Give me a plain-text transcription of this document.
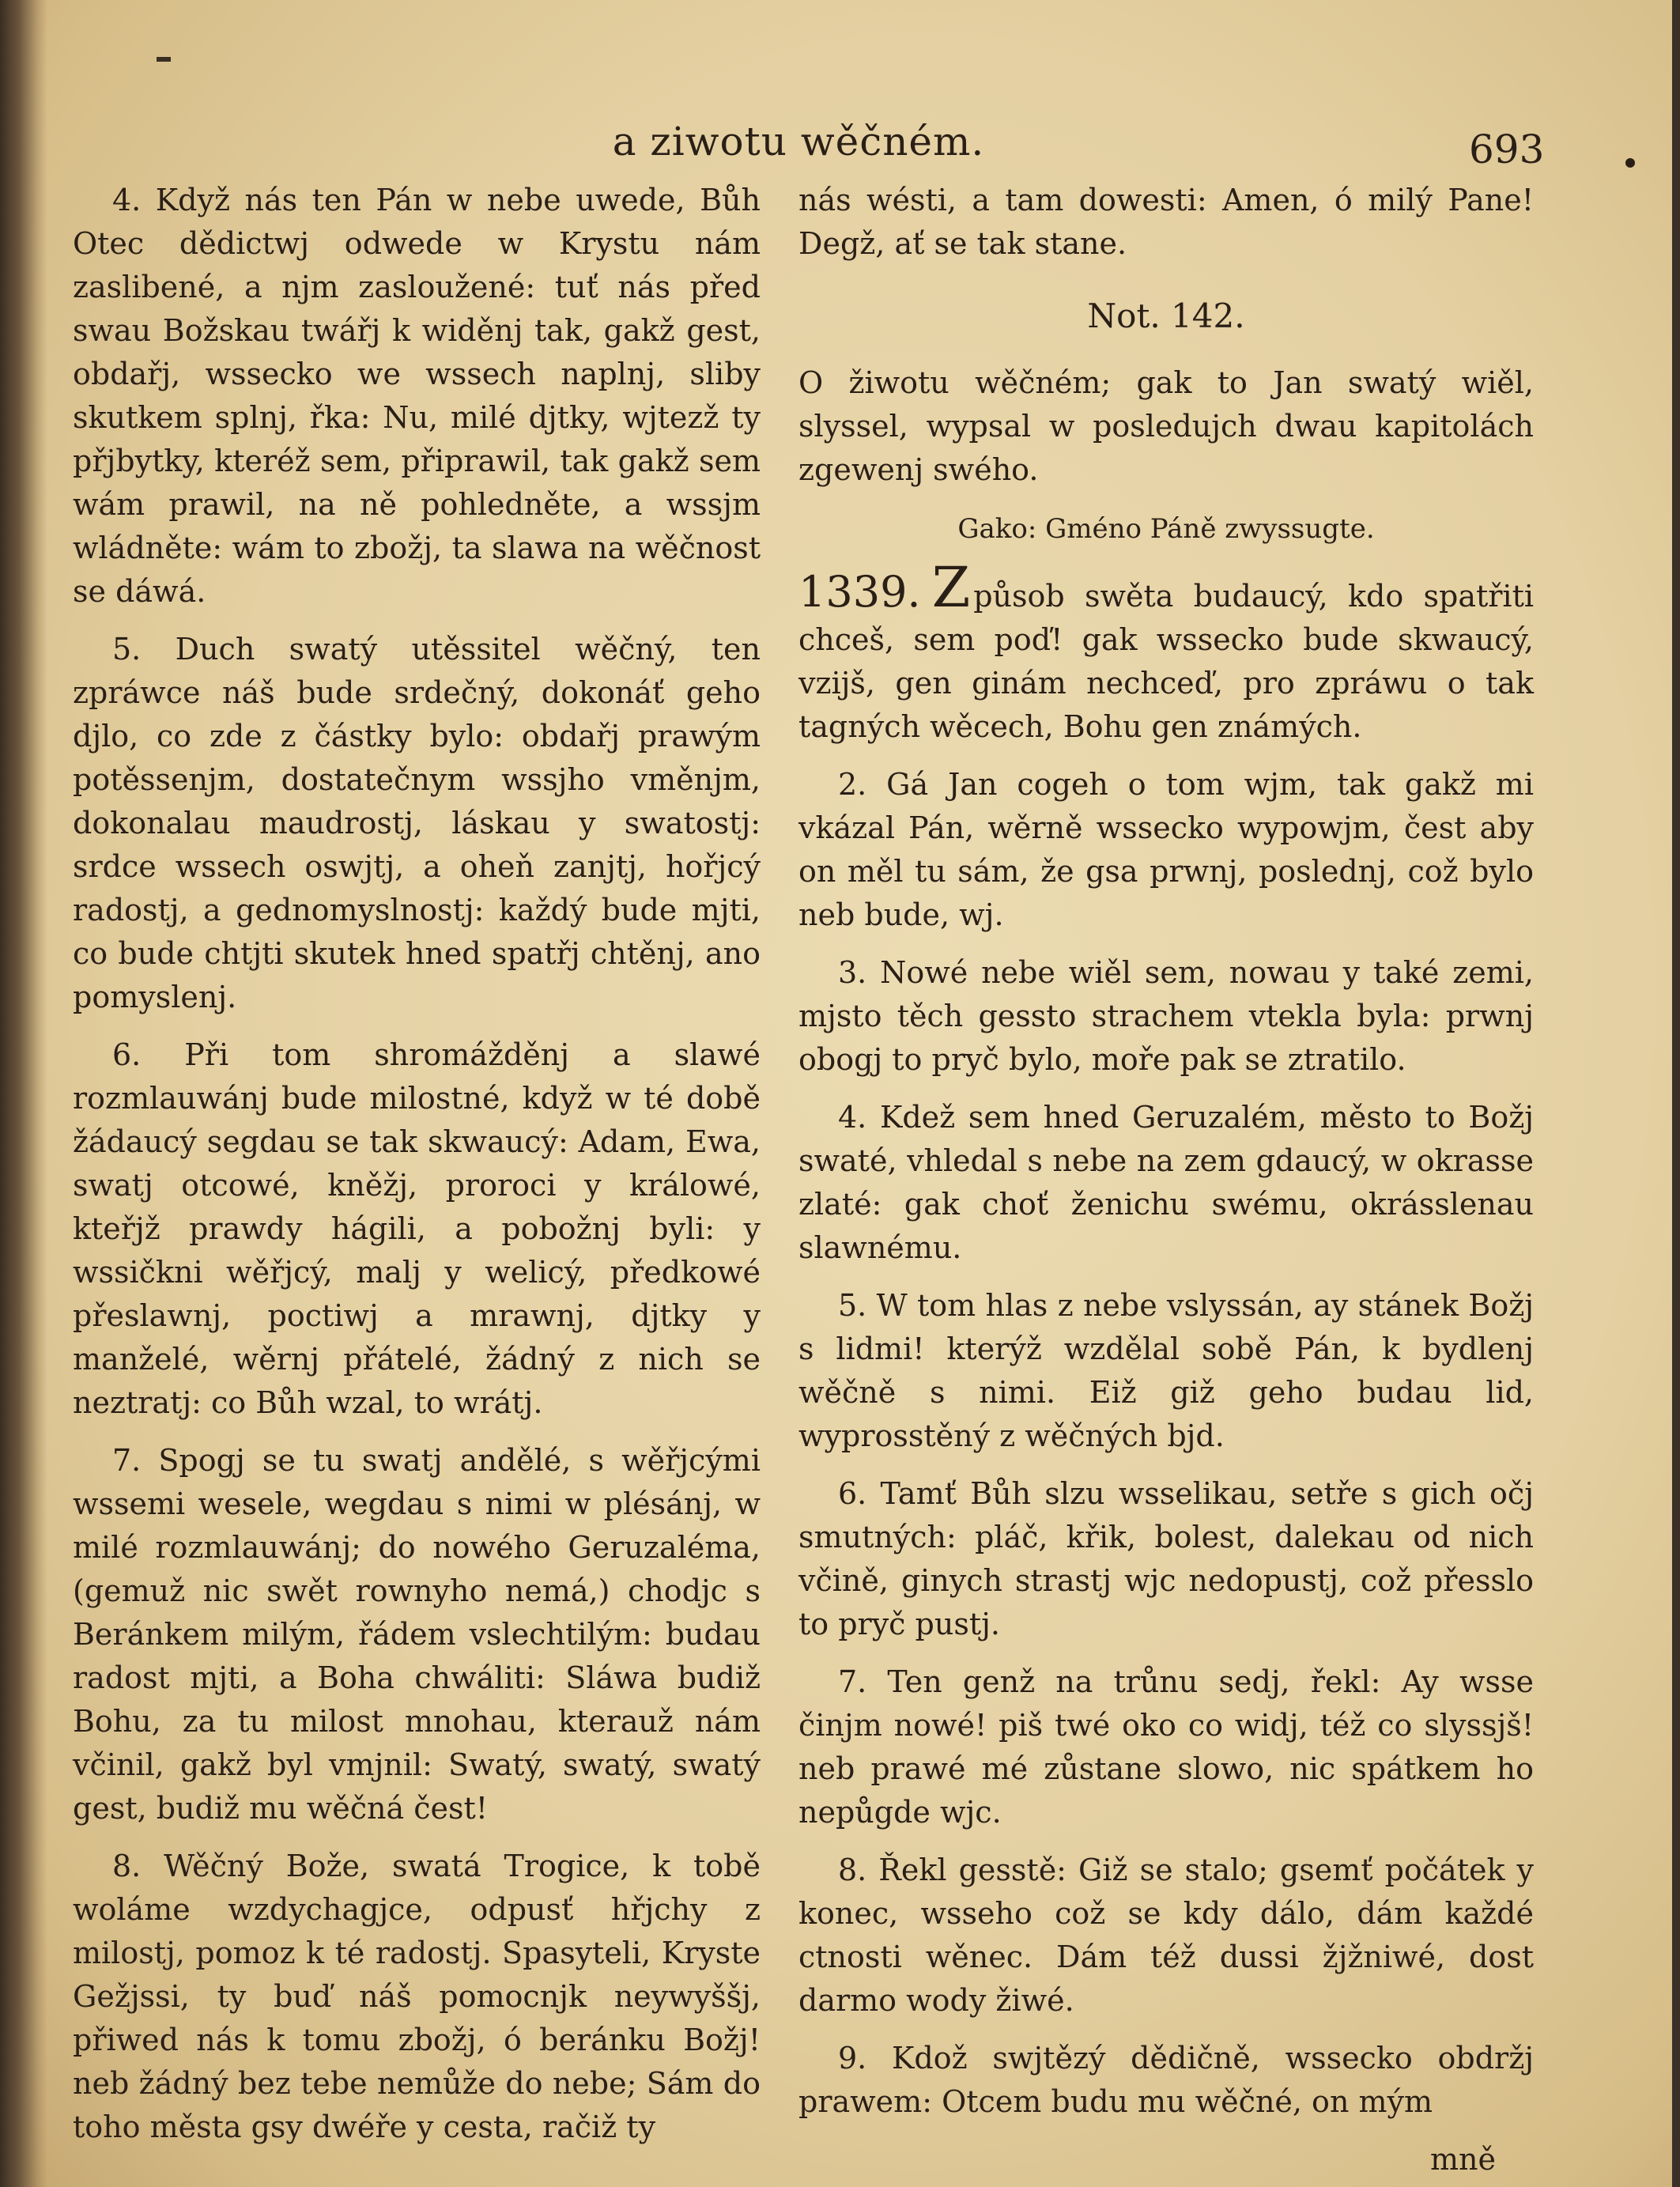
a ziwotu wěčném.	693

4. Když nás ten Pán w nebe uwede, Bůh Otec dědictwj odwede w Krystu nám zaslibené, a njm zasloužené: tuť nás před swau Božskau twářj k widěnj tak, gakž gest, obdařj, wssecko we wssech naplnj, sliby skutkem splnj, řka: Nu, milé djtky, wjtezž ty přjbytky, kteréž sem, připrawil, tak gakž sem wám prawil, na ně pohledněte, a wssjm wládněte: wám to zbožj, ta slawa na wěčnost se dáwá.

5. Duch swatý utěssitel wěčný, ten zpráwce náš bude srdečný, dokonáť geho djlo, co zde z částky bylo: obdařj prawým potěssenjm, dostatečnym wssjho vměnjm, dokonalau maudrostj, láskau y swatostj: srdce wssech oswjtj, a oheň zanjtj, hořjcý radostj, a gednomyslnostj: každý bude mjti, co bude chtjti skutek hned spatřj chtěnj, ano pomyslenj.

6. Při tom shromážděnj a slawé rozmlauwánj bude milostné, když w té době žádaucý segdau se tak skwaucý: Adam, Ewa, swatj otcowé, kněžj, proroci y králowé, kteřjž prawdy hágili, a pobožnj byli: y wssičkni wěřjcý, malj y welicý, předkowé přeslawnj, poctiwj a mrawnj, djtky y manželé, wěrnj přátelé, žádný z nich se neztratj: co Bůh wzal, to wrátj.

7. Spogj se tu swatj andělé, s wěřjcými wssemi wesele, wegdau s nimi w plésánj, w milé rozmlauwánj; do nowého Geruzaléma, (gemuž nic swět rownyho nemá,) chodjc s Beránkem milým, řádem vslechtilým: budau radost mjti, a Boha chwáliti: Sláwa budiž Bohu, za tu milost mnohau, kterauž nám včinil, gakž byl vmjnil: Swatý, swatý, swatý gest, budiž mu wěčná čest!

8. Wěčný Bože, swatá Trogice, k tobě woláme wzdychagjce, odpusť hřjchy z milostj, pomoz k té radostj. Spasyteli, Kryste Gežjssi, ty buď náš pomocnjk neywyššj, přiwed nás k tomu zbožj, ó beránku Božj! neb žádný bez tebe nemůže do nebe; Sám do toho města gsy dwéře y cesta, račiž ty

nás wésti, a tam dowesti: Amen, ó milý Pane! Degž, ať se tak stane.

Not. 142.

O žiwotu wěčném; gak to Jan swatý wiěl, slyssel, wypsal w posledujch dwau kapitolách zgewenj swého.

Gako: Gméno Páně zwyssugte.

1339. Z působ swěta budaucý, kdo spatřiti chceš, sem poď! gak wssecko bude skwaucý, vzijš, gen ginám nechceď, pro zpráwu o tak tagných wěcech, Bohu gen známých.

2. Gá Jan cogeh o tom wjm, tak gakž mi vkázal Pán, wěrně wssecko wypowjm, čest aby on měl tu sám, že gsa prwnj, poslednj, což bylo neb bude, wj.

3. Nowé nebe wiěl sem, nowau y také zemi, mjsto těch gessto strachem vtekla byla: prwnj obogj to pryč bylo, moře pak se ztratilo.

4. Kdež sem hned Geruzalém, město to Božj swaté, vhledal s nebe na zem gdaucý, w okrasse zlaté: gak choť ženichu swému, okrásslenau slawnému.

5. W tom hlas z nebe vslyssán, ay stánek Božj s lidmi! kterýž wzdělal sobě Pán, k bydlenj wěčně s nimi. Eiž giž geho budau lid, wyprosstěný z wěčných bjd.

6. Tamť Bůh slzu wsselikau, setře s gich očj smutných: pláč, křik, bolest, dalekau od nich včině, ginych strastj wjc nedopustj, což přesslo to pryč pustj.

7. Ten genž na trůnu sedj, řekl: Ay wsse činjm nowé! piš twé oko co widj, též co slyssjš! neb prawé mé zůstane slowo, nic spátkem ho nepůgde wjc.

8. Řekl gesstě: Giž se stalo; gsemť počátek y konec, wsseho což se kdy dálo, dám každé ctnosti wěnec. Dám též dussi žjžniwé, dost darmo wody žiwé.

9. Kdož swjtězý dědičně, wssecko obdržj prawem: Otcem budu mu wěčné, on mým

mně
